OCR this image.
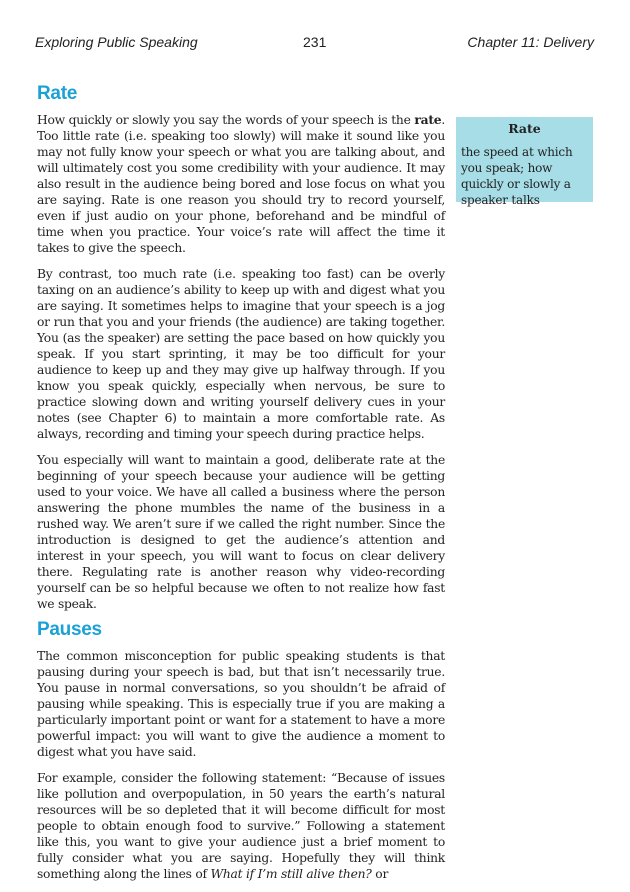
Exploring Public Speaking	231	Chapter 11: Delivery
Rate

How quickly or slowly you say the words of your speech is the rate. Too little rate (i.e. speaking too slowly) will make it sound like you may not fully know your speech or what you are talking about, and will ultimately cost you some credibility with your audience. It may also result in the audience being bored and lose focus on what you are saying. Rate is one reason you should try to record yourself, even if just audio on your phone, beforehand and be mindful of time when you practice. Your voice’s rate will affect the time it takes to give the speech.

By contrast, too much rate (i.e. speaking too fast) can be overly taxing on an audience’s ability to keep up with and digest what you are saying. It sometimes helps to imagine that your speech is a jog or run that you and your friends (the audience) are taking together. You (as the speaker) are setting the pace based on how quickly you speak. If you start sprinting, it may be too difficult for your audience to keep up and they may give up halfway through. If you know you speak quickly, especially when nervous, be sure to practice slowing down and writing yourself delivery cues in your notes (see Chapter 6) to maintain a more comfortable rate. As always, recording and timing your speech during practice helps.

You especially will want to maintain a good, deliberate rate at the beginning of your speech because your audience will be getting used to your voice. We have all called a business where the person answering the phone mumbles the name of the business in a rushed way. We aren’t sure if we called the right number. Since the introduction is designed to get the audience’s attention and interest in your speech, you will want to focus on clear delivery there. Regulating rate is another reason why video-recording yourself can be so helpful because we often to not realize how fast we speak.

Pauses

The common misconception for public speaking students is that pausing during your speech is bad, but that isn’t necessarily true. You pause in normal conversations, so you shouldn’t be afraid of pausing while speaking. This is especially true if you are making a particularly important point or want for a statement to have a more powerful impact: you will want to give the audience a moment to digest what you have said.

For example, consider the following statement: “Because of issues like pollution and overpopulation, in 50 years the earth’s natural resources will be so depleted that it will become difficult for most people to obtain enough food to survive.” Following a statement like this, you want to give your audience just a brief moment to fully consider what you are saying. Hopefully they will think something along the lines of What if I’m still alive then? or

Rate
the speed at which you speak; how quickly or slowly a speaker talks
